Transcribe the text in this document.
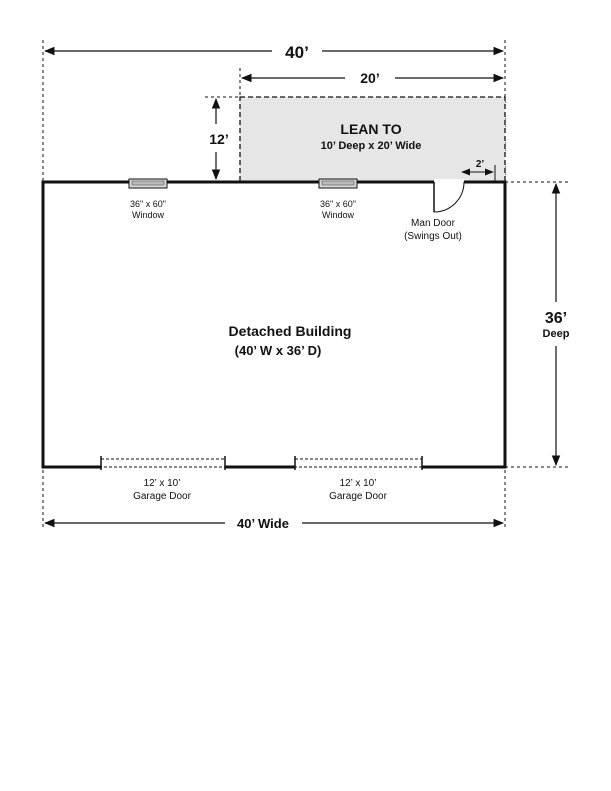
40’
LEAN TO
10’ Deep x 20’ Wide
20’
12’
2’
36" x 60"
Window
36" x 60"
Window
Man Door
(Swings Out)
Detached Building
(40’ W x 36’ D)
12’ x 10’
Garage Door
12’ x 10’
Garage Door
36’
Deep
40’ Wide
